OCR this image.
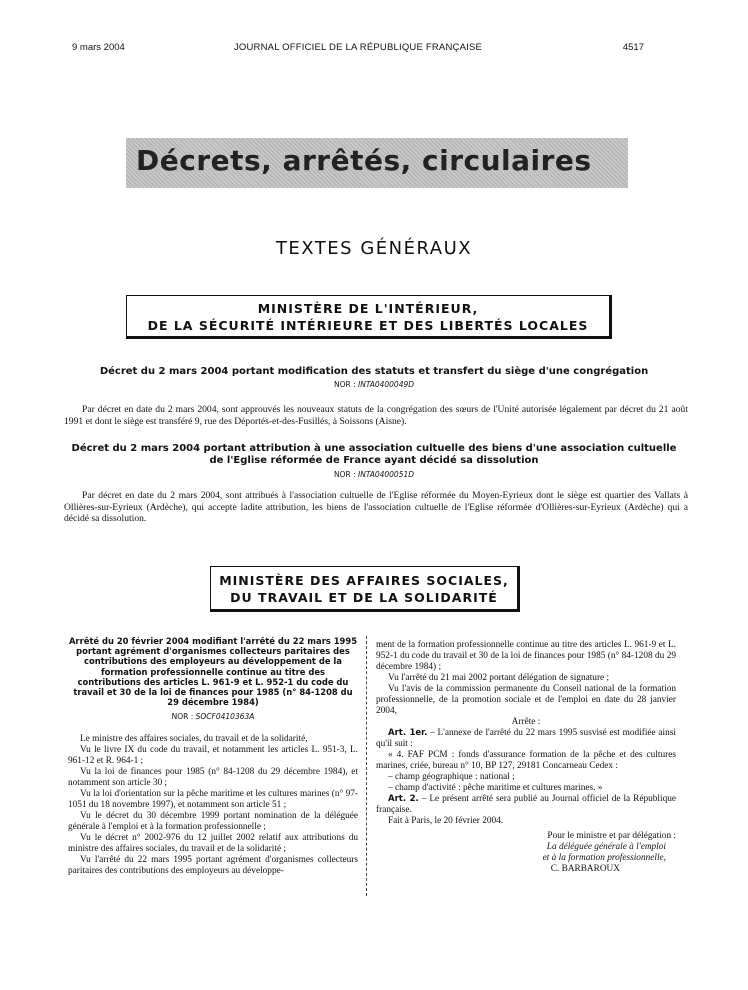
9 mars 2004	JOURNAL OFFICIEL DE LA RÉPUBLIQUE FRANÇAISE	4517
Décrets, arrêtés, circulaires
TEXTES GÉNÉRAUX
MINISTÈRE DE L'INTÉRIEUR,
DE LA SÉCURITÉ INTÉRIEURE ET DES LIBERTÉS LOCALES
Décret du 2 mars 2004 portant modification des statuts et transfert du siège d'une congrégation
NOR : INTA0400049D
Par décret en date du 2 mars 2004, sont approuvés les nouveaux statuts de la congrégation des sœurs de l'Unité autorisée légalement par décret du 21 août 1991 et dont le siège est transféré 9, rue des Déportés-et-des-Fusillés, à Soissons (Aisne).
Décret du 2 mars 2004 portant attribution à une association cultuelle des biens d'une association cultuelle de l'Eglise réformée de France ayant décidé sa dissolution
NOR : INTA0400051D
Par décret en date du 2 mars 2004, sont attribués à l'association cultuelle de l'Eglise réformée du Moyen-Eyrieux dont le siège est quartier des Vallats à Ollières-sur-Eyrieux (Ardèche), qui accepte ladite attribution, les biens de l'association cultuelle de l'Eglise réformée d'Ollières-sur-Eyrieux (Ardèche) qui a décidé sa dissolution.
MINISTÈRE DES AFFAIRES SOCIALES,
DU TRAVAIL ET DE LA SOLIDARITÉ
Arrêté du 20 février 2004 modifiant l'arrêté du 22 mars 1995 portant agrément d'organismes collecteurs paritaires des contributions des employeurs au développement de la formation professionnelle continue au titre des contributions des articles L. 961-9 et L. 952-1 du code du travail et 30 de la loi de finances pour 1985 (n° 84-1208 du 29 décembre 1984)
NOR : SOCF0410363A

Le ministre des affaires sociales, du travail et de la solidarité,

Vu le livre IX du code du travail, et notamment les articles L. 951-3, L. 961-12 et R. 964-1 ;

Vu la loi de finances pour 1985 (n° 84-1208 du 29 décembre 1984), et notamment son article 30 ;

Vu la loi d'orientation sur la pêche maritime et les cultures marines (n° 97-1051 du 18 novembre 1997), et notamment son article 51 ;

Vu le décret du 30 décembre 1999 portant nomination de la déléguée générale à l'emploi et à la formation professionnelle ;

Vu le décret n° 2002-976 du 12 juillet 2002 relatif aux attributions du ministre des affaires sociales, du travail et de la solidarité ;

Vu l'arrêté du 22 mars 1995 portant agrément d'organismes collecteurs paritaires des contributions des employeurs au développe-

ment de la formation professionnelle continue au titre des articles L. 961-9 et L. 952-1 du code du travail et 30 de la loi de finances pour 1985 (n° 84-1208 du 29 décembre 1984) ;

Vu l'arrêté du 21 mai 2002 portant délégation de signature ;

Vu l'avis de la commission permanente du Conseil national de la formation professionnelle, de la promotion sociale et de l'emploi en date du 28 janvier 2004,

Arrête :

Art. 1er. – L'annexe de l'arrêté du 22 mars 1995 susvisé est modifiée ainsi qu'il suit :

« 4. FAF PCM : fonds d'assurance formation de la pêche et des cultures marines, criée, bureau n° 10, BP 127, 29181 Concarneau Cedex :

– champ géographique : national ;

– champ d'activité : pêche maritime et cultures marines. »

Art. 2. – Le présent arrêté sera publié au Journal officiel de la République française.

Fait à Paris, le 20 février 2004.

Pour le ministre et par délégation :

La déléguée générale à l'emploi

et à la formation professionnelle,

C. BARBAROUX
